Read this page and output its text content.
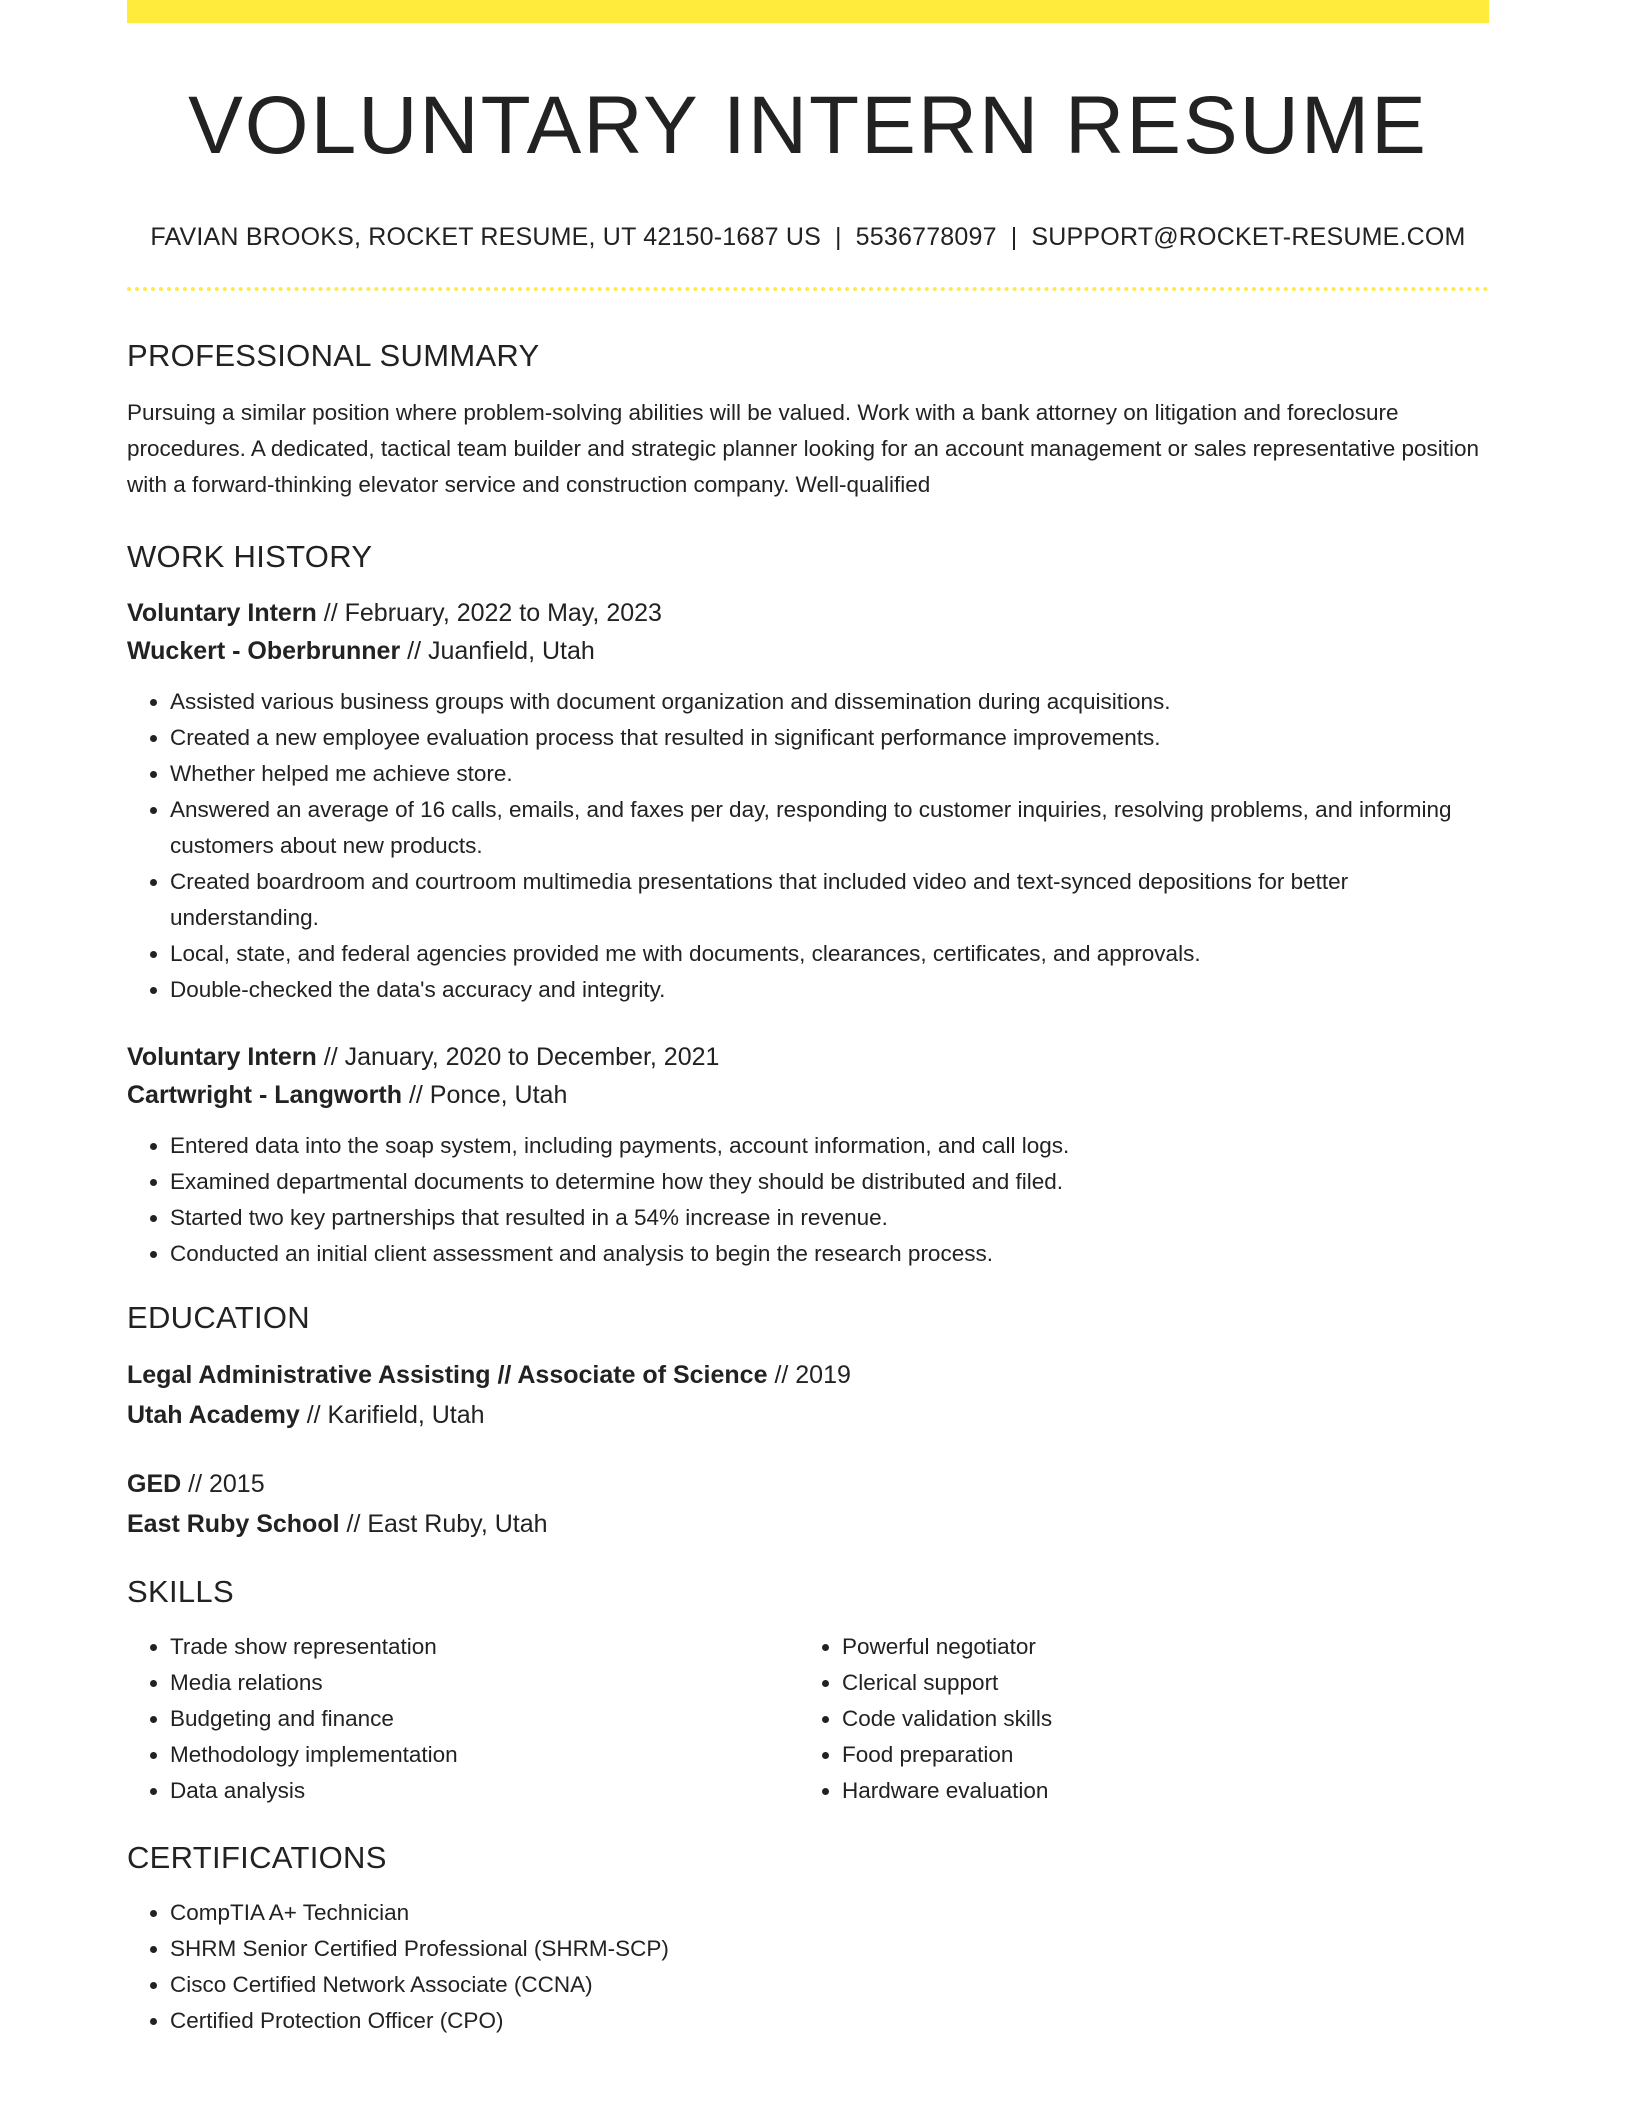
VOLUNTARY INTERN RESUME
FAVIAN BROOKS, ROCKET RESUME, UT 42150-1687 US | 5536778097 | SUPPORT@ROCKET-RESUME.COM
PROFESSIONAL SUMMARY
Pursuing a similar position where problem-solving abilities will be valued. Work with a bank attorney on litigation and foreclosure procedures. A dedicated, tactical team builder and strategic planner looking for an account management or sales representative position with a forward-thinking elevator service and construction company. Well-qualified
WORK HISTORY
Voluntary Intern // February, 2022 to May, 2023
Wuckert - Oberbrunner // Juanfield, Utah
• Assisted various business groups with document organization and dissemination during acquisitions.
• Created a new employee evaluation process that resulted in significant performance improvements.
• Whether helped me achieve store.
• Answered an average of 16 calls, emails, and faxes per day, responding to customer inquiries, resolving problems, and informing customers about new products.
• Created boardroom and courtroom multimedia presentations that included video and text-synced depositions for better understanding.
• Local, state, and federal agencies provided me with documents, clearances, certificates, and approvals.
• Double-checked the data's accuracy and integrity.
Voluntary Intern // January, 2020 to December, 2021
Cartwright - Langworth // Ponce, Utah
• Entered data into the soap system, including payments, account information, and call logs.
• Examined departmental documents to determine how they should be distributed and filed.
• Started two key partnerships that resulted in a 54% increase in revenue.
• Conducted an initial client assessment and analysis to begin the research process.
EDUCATION
Legal Administrative Assisting // Associate of Science // 2019
Utah Academy // Karifield, Utah
GED // 2015
East Ruby School // East Ruby, Utah
SKILLS
• Trade show representation
• Media relations
• Budgeting and finance
• Methodology implementation
• Data analysis
• Powerful negotiator
• Clerical support
• Code validation skills
• Food preparation
• Hardware evaluation
CERTIFICATIONS
• CompTIA A+ Technician
• SHRM Senior Certified Professional (SHRM-SCP)
• Cisco Certified Network Associate (CCNA)
• Certified Protection Officer (CPO)
